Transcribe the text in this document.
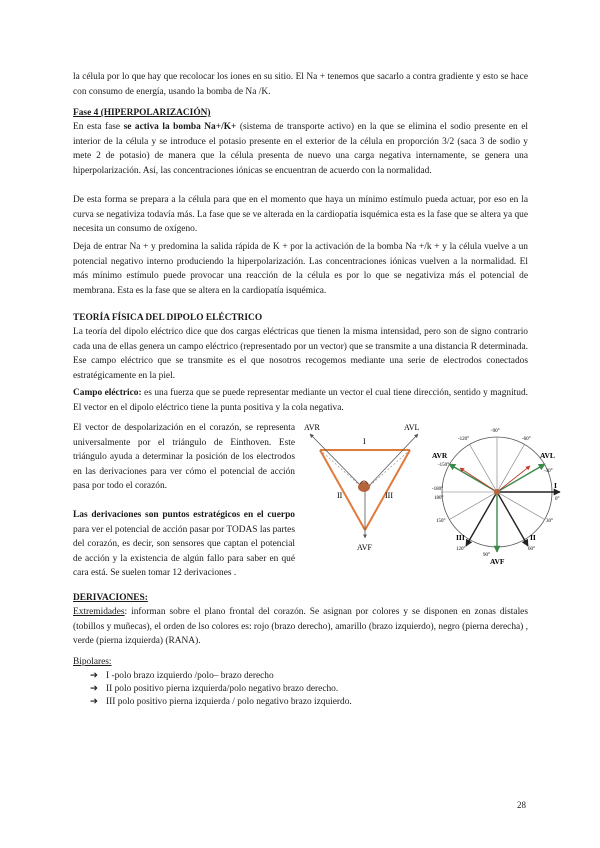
la célula por lo que hay que recolocar los iones en su sitio. El Na + tenemos que sacarlo a contra gradiente y esto se hace con consumo de energía, usando la bomba de Na /K.

Fase 4 (HIPERPOLARIZACIÓN)

En esta fase se activa la bomba Na+/K+ (sistema de transporte activo) en la que se elimina el sodio presente en el interior de la célula y se introduce el potasio presente en el exterior de la célula en proporción 3/2 (saca 3 de sodio y mete 2 de potasio) de manera que la célula presenta de nuevo una carga negativa internamente, se genera una hiperpolarización. Así, las concentraciones iónicas se encuentran de acuerdo con la normalidad.

De esta forma se prepara a la célula para que en el momento que haya un mínimo estímulo pueda actuar, por eso en la curva se negativiza todavía más. La fase que se ve alterada en la cardiopatía isquémica esta es la fase que se altera ya que necesita un consumo de oxígeno.

Deja de entrar Na + y predomina la salida rápida de K + por la activación de la bomba Na +/k + y la célula vuelve a un potencial negativo interno produciendo la hiperpolarización. Las concentraciones iónicas vuelven a la normalidad. El más mínimo estímulo puede provocar una reacción de la célula es por lo que se negativiza más el potencial de membrana. Esta es la fase que se altera en la cardiopatía isquémica.

TEORÍA FÍSICA DEL DIPOLO ELÉCTRICO

La teoría del dipolo eléctrico dice que dos cargas eléctricas que tienen la misma intensidad, pero son de signo contrario cada una de ellas genera un campo eléctrico (representado por un vector) que se transmite a una distancia R determinada. Ese campo eléctrico que se transmite es el que nosotros recogemos mediante una serie de electrodos conectados estratégicamente en la piel.

Campo eléctrico: es una fuerza que se puede representar mediante un vector el cual tiene dirección, sentido y magnitud. El vector en el dipolo eléctrico tiene la punta positiva y la cola negativa.

El vector de despolarización en el corazón, se representa universalmente por el triángulo de Einthoven. Este triángulo ayuda a determinar la posición de los electrodos en las derivaciones para ver cómo el potencial de acción pasa por todo el corazón.

Las derivaciones son puntos estratégicos en el cuerpo para ver el potencial de acción pasar por TODAS las partes del corazón, es decir, son sensores que captan el potencial de acción y la existencia de algún fallo para saber en qué cara está. Se suelen tomar 12 derivaciones .

AVR	AVL
AVF
I
II	III
AVR	AVL
AVF
I
II
III
-90°
-120°	-60°
-150°
-30°
-180°
0°
180°
150°	30°
120°	60°
90°

DERIVACIONES:

Extremidades: informan sobre el plano frontal del corazón. Se asignan por colores y se disponen en zonas distales (tobillos y muñecas), el orden de lso colores es: rojo (brazo derecho), amarillo (brazo izquierdo), negro (pierna derecha) , verde (pierna izquierda) (RANA).

Bipolares:

➔ I -polo brazo izquierdo /polo– brazo derecho
➔ II polo positivo pierna izquierda/polo negativo brazo derecho.
➔ III polo positivo pierna izquierda / polo negativo brazo izquierdo.
28
